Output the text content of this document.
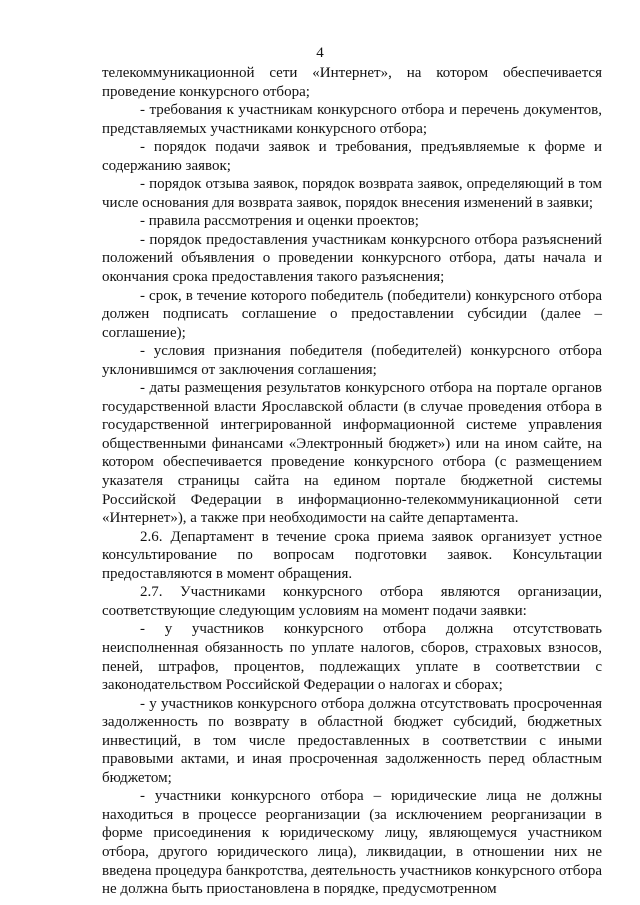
4

телекоммуникационной сети «Интернет», на котором обеспечивается проведение конкурсного отбора;

- требования к участникам конкурсного отбора и перечень документов, представляемых участниками конкурсного отбора;

- порядок подачи заявок и требования, предъявляемые к форме и содержанию заявок;

- порядок отзыва заявок, порядок возврата заявок, определяющий в том числе основания для возврата заявок, порядок внесения изменений в заявки;

- правила рассмотрения и оценки проектов;

- порядок предоставления участникам конкурсного отбора разъяснений положений объявления о проведении конкурсного отбора, даты начала и окончания срока предоставления такого разъяснения;

- срок, в течение которого победитель (победители) конкурсного отбора должен подписать соглашение о предоставлении субсидии (далее – соглашение);

- условия признания победителя (победителей) конкурсного отбора уклонившимся от заключения соглашения;

- даты размещения результатов конкурсного отбора на портале органов государственной власти Ярославской области (в случае проведения отбора в государственной интегрированной информационной системе управления общественными финансами «Электронный бюджет») или на ином сайте, на котором обеспечивается проведение конкурсного отбора (с размещением указателя страницы сайта на едином портале бюджетной системы Российской Федерации в информационно-телекоммуникационной сети «Интернет»), а также при необходимости на сайте департамента.

2.6. Департамент в течение срока приема заявок организует устное консультирование по вопросам подготовки заявок. Консультации предоставляются в момент обращения.

2.7. Участниками конкурсного отбора являются организации, соответствующие следующим условиям на момент подачи заявки:

- у участников конкурсного отбора должна отсутствовать неисполненная обязанность по уплате налогов, сборов, страховых взносов, пеней, штрафов, процентов, подлежащих уплате в соответствии с законодательством Российской Федерации о налогах и сборах;

- у участников конкурсного отбора должна отсутствовать просроченная задолженность по возврату в областной бюджет субсидий, бюджетных инвестиций, в том числе предоставленных в соответствии с иными правовыми актами, и иная просроченная задолженность перед областным бюджетом;

- участники конкурсного отбора – юридические лица не должны находиться в процессе реорганизации (за исключением реорганизации в форме присоединения к юридическому лицу, являющемуся участником отбора, другого юридического лица), ликвидации, в отношении них не введена процедура банкротства, деятельность участников конкурсного отбора не должна быть приостановлена в порядке, предусмотренном
